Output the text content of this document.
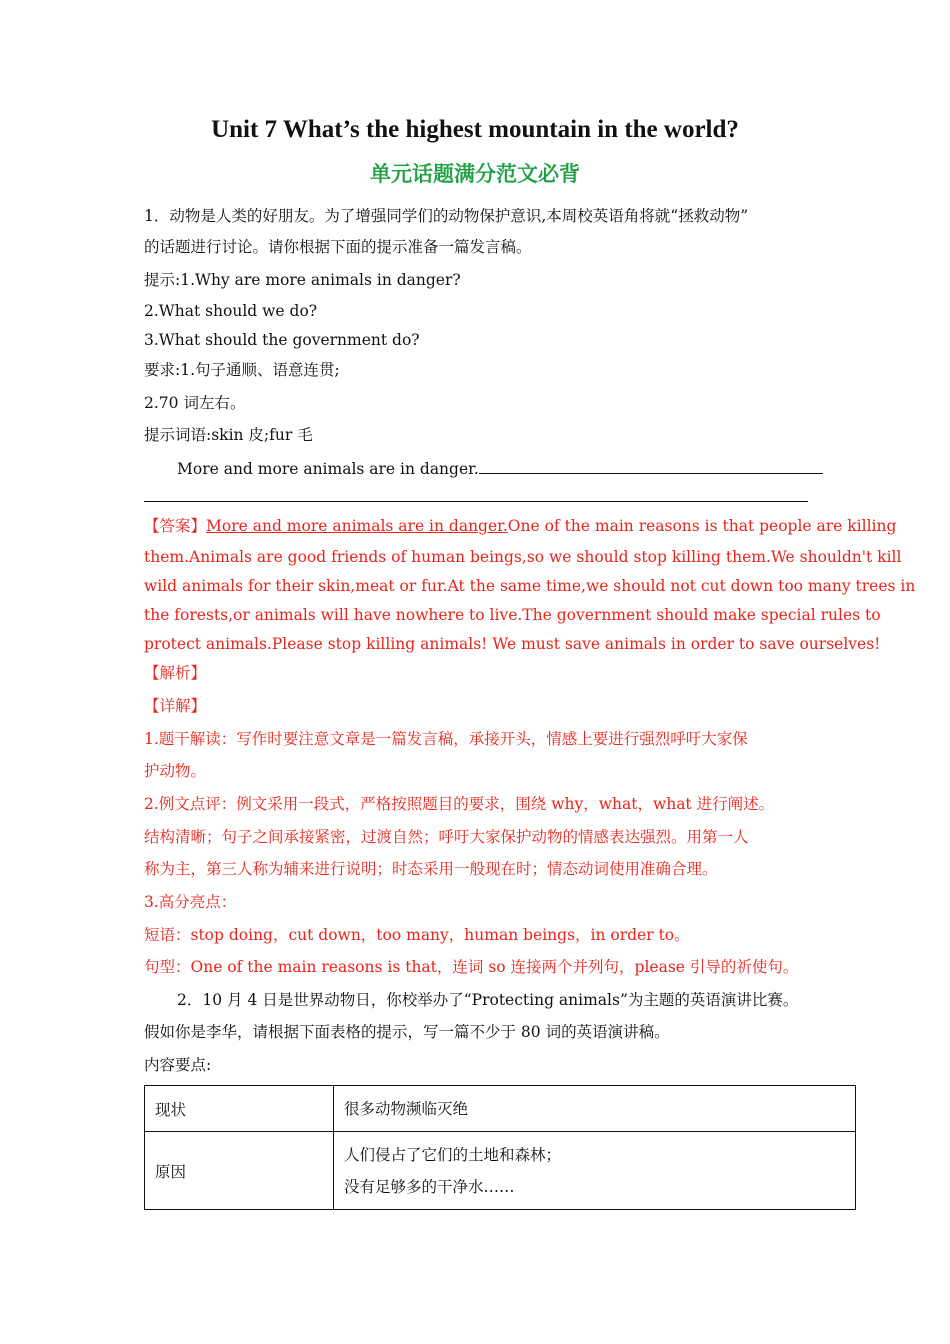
Unit 7 What’s the highest mountain in the world?
单元话题满分范文必背
1．动物是人类的好朋友。为了增强同学们的动物保护意识,本周校英语角将就“拯救动物”
的话题进行讨论。请你根据下面的提示准备一篇发言稿。
提示:1.Why are more animals in danger?
2.What should we do?
3.What should the government do?
要求:1.句子通顺、语意连贯;
2.70 词左右。
提示词语:skin 皮;fur 毛
More and more animals are in danger.
【答案】More and more animals are in danger.One of the main reasons is that people are killing
them.Animals are good friends of human beings,so we should stop killing them.We shouldn't kill
wild animals for their skin,meat or fur.At the same time,we should not cut down too many trees in
the forests,or animals will have nowhere to live.The government should make special rules to
protect animals.Please stop killing animals! We must save animals in order to save ourselves!
【解析】
【详解】
1.题干解读：写作时要注意文章是一篇发言稿，承接开头，情感上要进行强烈呼吁大家保
护动物。
2.例文点评：例文采用一段式，严格按照题目的要求，围绕 why，what，what 进行阐述。
结构清晰；句子之间承接紧密，过渡自然；呼吁大家保护动物的情感表达强烈。用第一人
称为主，第三人称为辅来进行说明；时态采用一般现在时；情态动词使用准确合理。
3.高分亮点：
短语：stop doing，cut down，too many，human beings，in order to。
句型：One of the main reasons is that，连词 so 连接两个并列句，please 引导的祈使句。
2．10 月 4 日是世界动物日，你校举办了“Protecting animals”为主题的英语演讲比赛。
假如你是李华，请根据下面表格的提示，写一篇不少于 80 词的英语演讲稿。
内容要点:
现状	很多动物濒临灭绝

原因	人们侵占了它们的土地和森林；
没有足够多的干净水……
